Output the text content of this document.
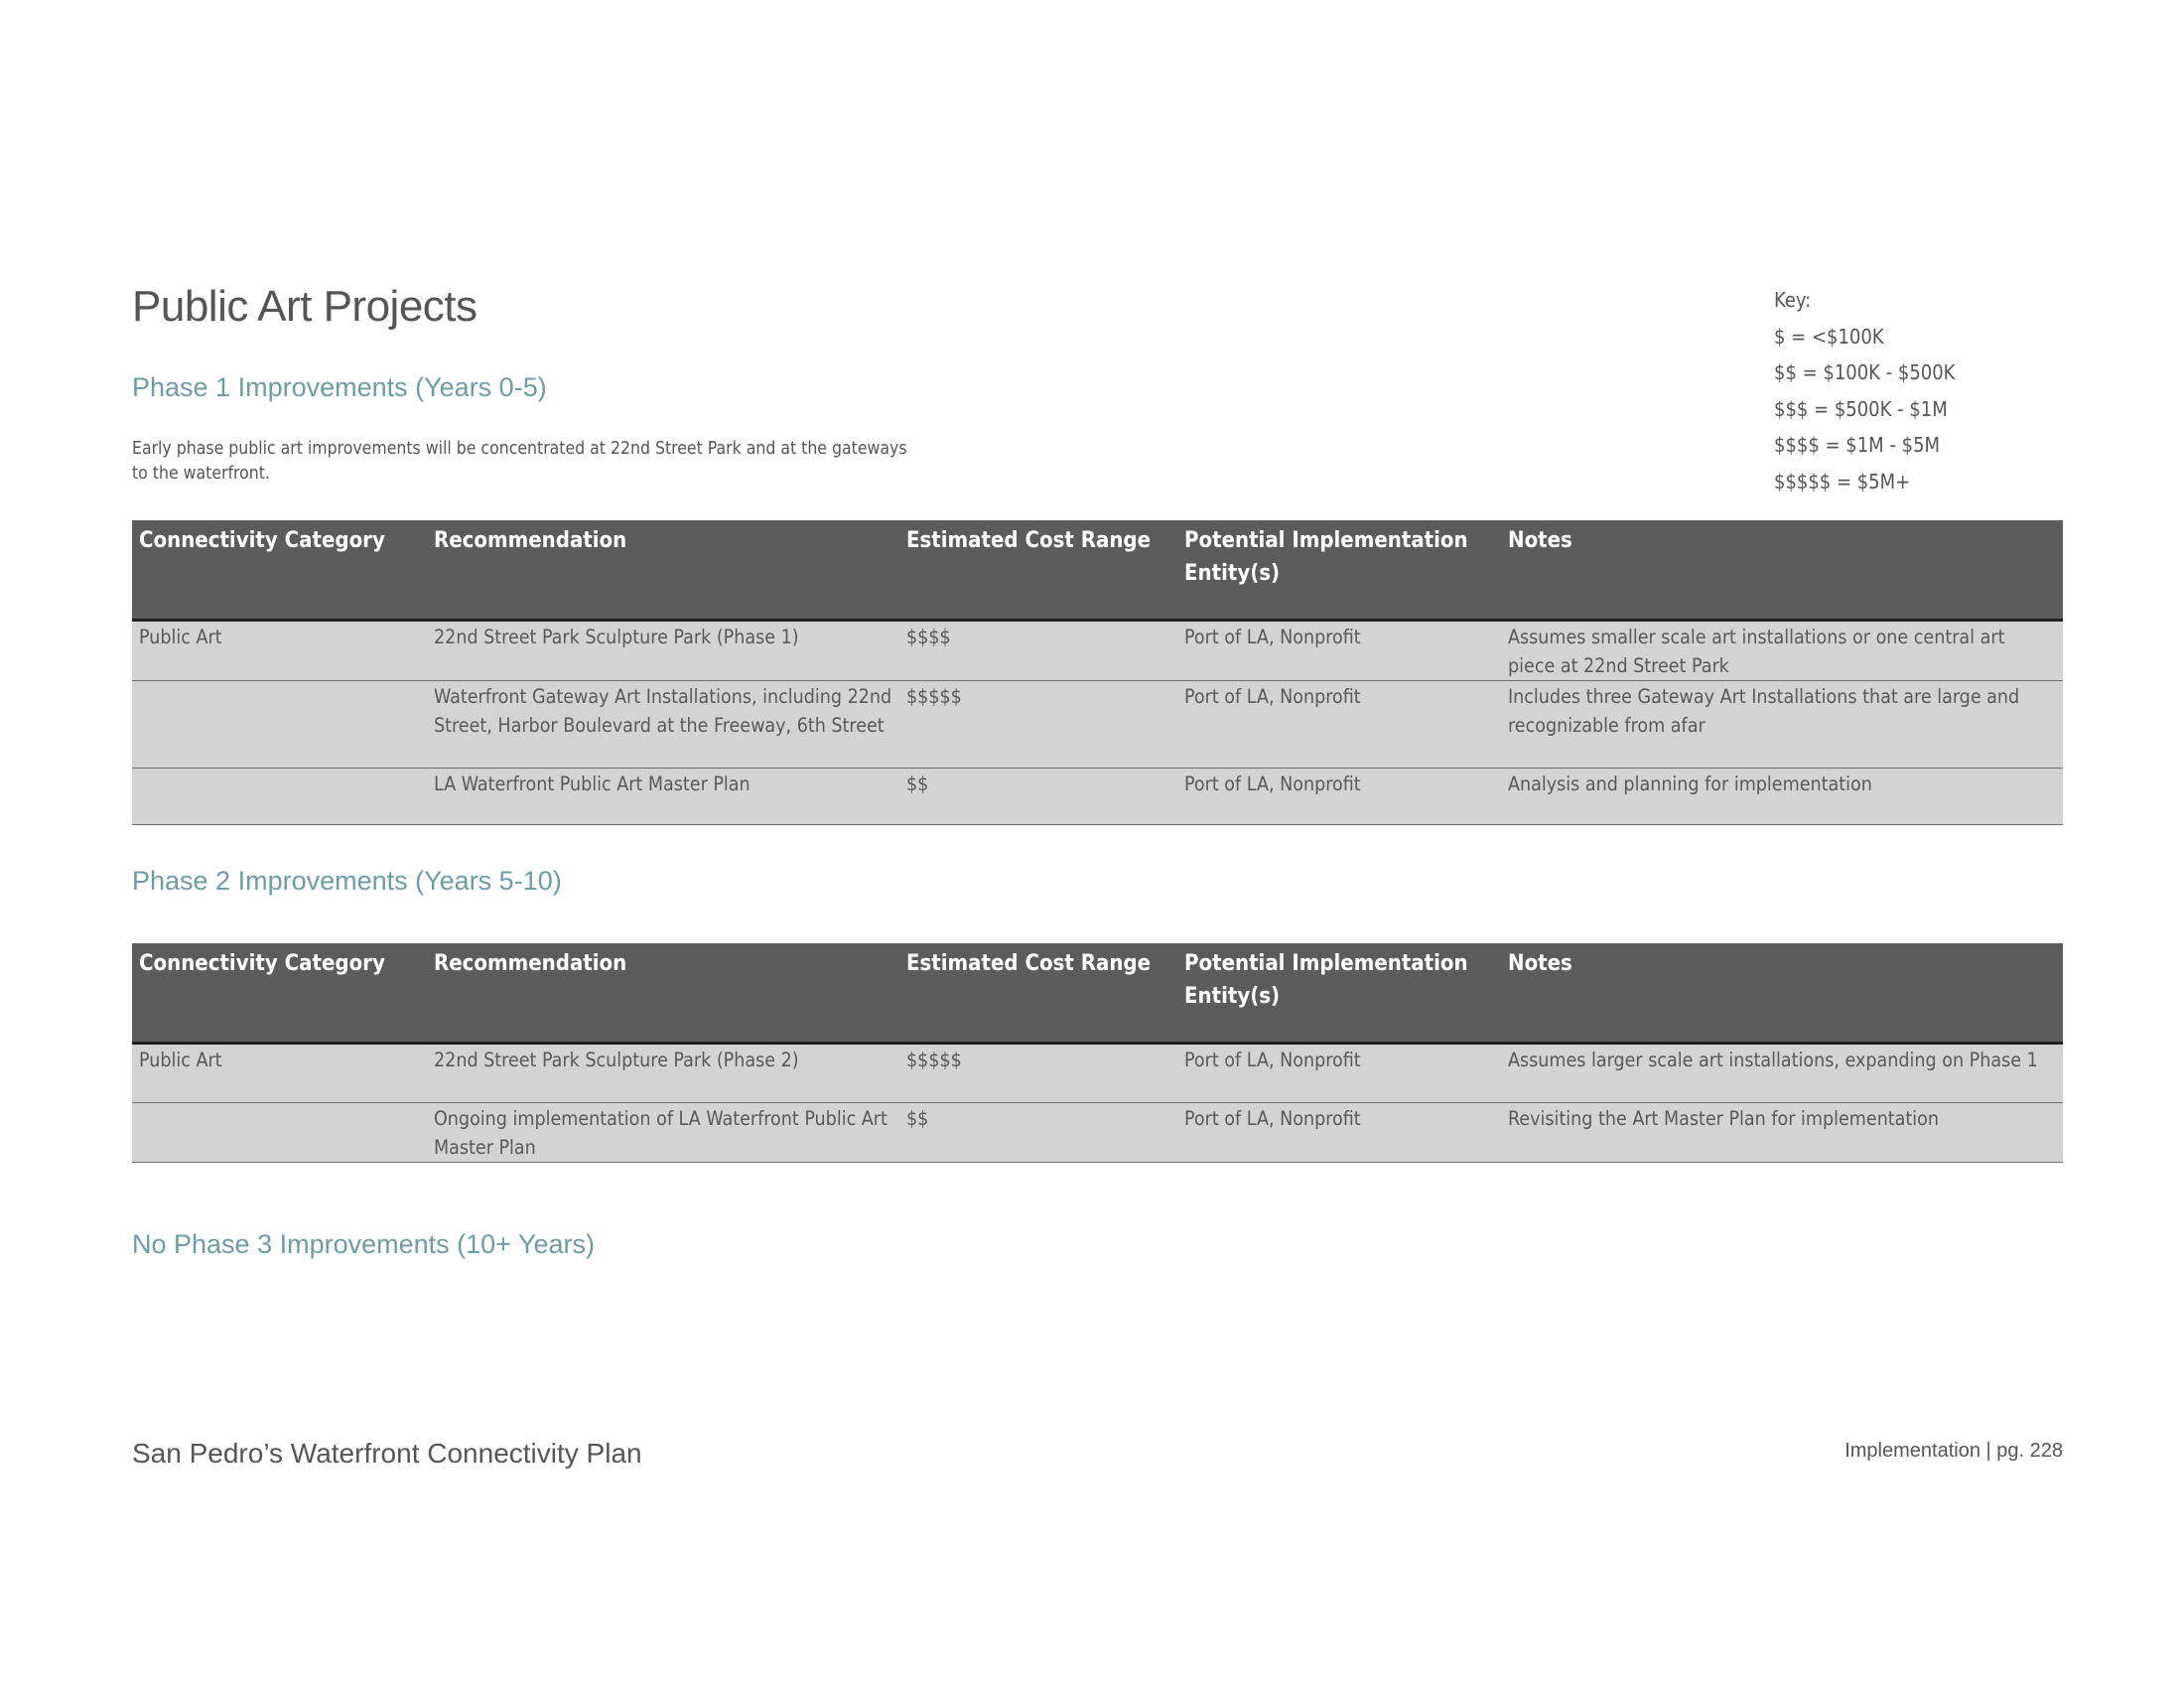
Public Art Projects
Phase 1 Improvements (Years 0-5)
Early phase public art improvements will be concentrated at 22nd Street Park and at the gateways to the waterfront.
Key:
$ = <$100K
$$ = $100K - $500K
$$$ = $500K - $1M
$$$$ = $1M - $5M
$$$$$ = $5M+
Connectivity Category	Recommendation	Estimated Cost Range	Potential Implementation Entity(s)	Notes
Public Art	22nd Street Park Sculpture Park (Phase 1)	$$$$	Port of LA, Nonprofit	Assumes smaller scale art installations or one central art piece at 22nd Street Park
	Waterfront Gateway Art Installations, including 22nd Street, Harbor Boulevard at the Freeway, 6th Street	$$$$$	Port of LA, Nonprofit	Includes three Gateway Art Installations that are large and recognizable from afar
	LA Waterfront Public Art Master Plan	$$	Port of LA, Nonprofit	Analysis and planning for implementation
Phase 2 Improvements (Years 5-10)
Connectivity Category	Recommendation	Estimated Cost Range	Potential Implementation Entity(s)	Notes
Public Art	22nd Street Park Sculpture Park (Phase 2)	$$$$$	Port of LA, Nonprofit	Assumes larger scale art installations, expanding on Phase 1
	Ongoing implementation of LA Waterfront Public Art Master Plan	$$	Port of LA, Nonprofit	Revisiting the Art Master Plan for implementation
No Phase 3 Improvements (10+ Years)
San Pedro’s Waterfront Connectivity Plan	Implementation | pg. 228
